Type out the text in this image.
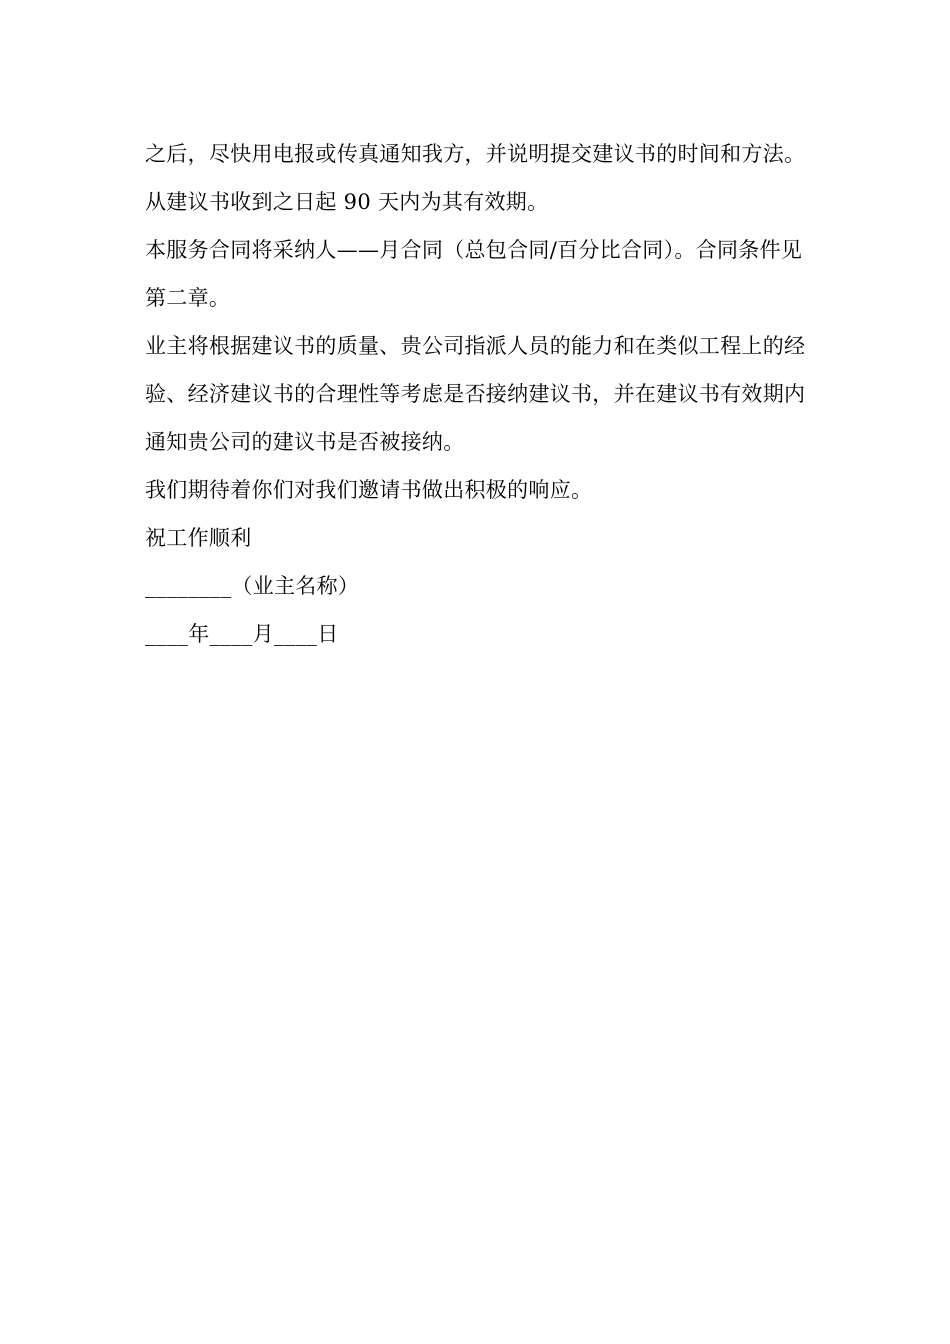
之后，尽快用电报或传真通知我方，并说明提交建议书的时间和方法。

从建议书收到之日起 90 天内为其有效期。

本服务合同将采纳人——月合同（总包合同/百分比合同）。合同条件见第二章。

业主将根据建议书的质量、贵公司指派人员的能力和在类似工程上的经验、经济建议书的合理性等考虑是否接纳建议书，并在建议书有效期内通知贵公司的建议书是否被接纳。

我们期待着你们对我们邀请书做出积极的响应。

祝工作顺利

________（业主名称）

____年____月____日
